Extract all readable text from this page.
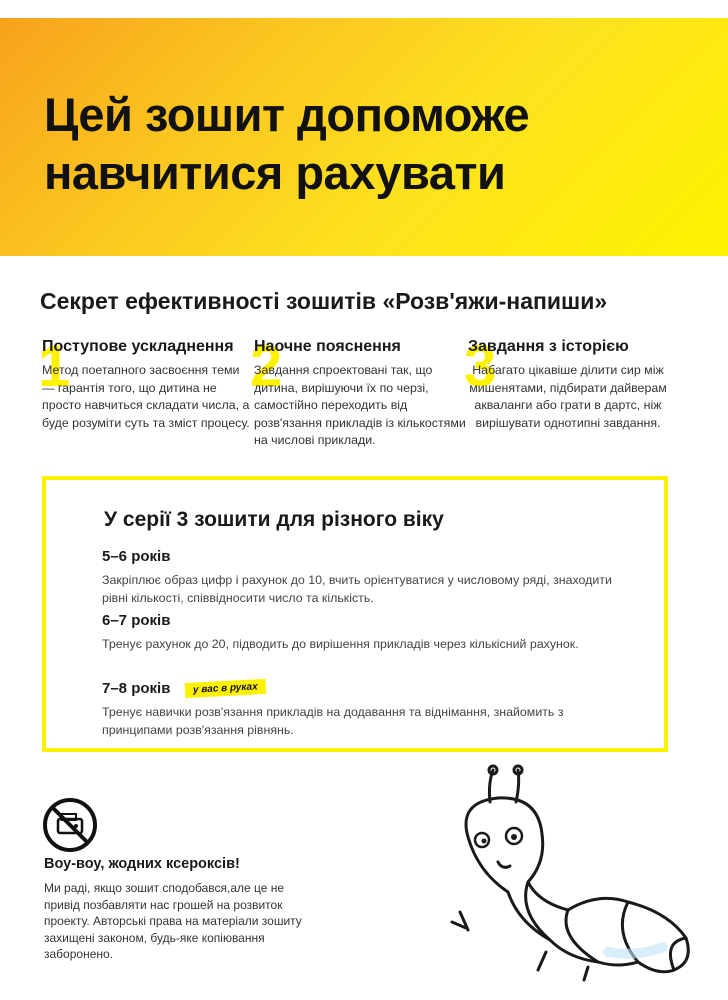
Цей зошит допоможе навчитися рахувати
Секрет ефективності зошитів «Розв'яжи-напиши»
1
Поступове ускладнення

Метод поетапного засвоєння теми — гарантія того, що дитина не просто навчиться складати числа, а буде розуміти суть та зміст процесу.

2
Наочне пояснення

Завдання спроектовані так, що дитина, вирішуючи їх по черзі, самостійно переходить від розв'язання прикладів із кількостями на числові приклади.

3
Завдання з історією

Набагато цікавіше ділити сир між мишенятами, підбирати дайверам акваланги або грати в дартс, ніж вирішувати однотипні завдання.

У серії 3 зошити для різного віку
5–6 років

Закріплює образ цифр і рахунок до 10, вчить орієнтуватися у числовому ряді, знаходити рівні кількості, співвідносити число та кількість.

6–7 років

Тренує рахунок до 20, підводить до вирішення прикладів через кількісний рахунок.

7–8 років у вас в руках

Тренує навички розв'язання прикладів на додавання та віднімання, знайомить з принципами розв'язання рівнянь.

Воу-воу, жодних ксероксів!

Ми раді, якщо зошит сподобався,але це не привід позбавляти нас грошей на розвиток проекту. Авторські права на матеріали зошиту захищені законом, будь-яке копіювання заборонено.
